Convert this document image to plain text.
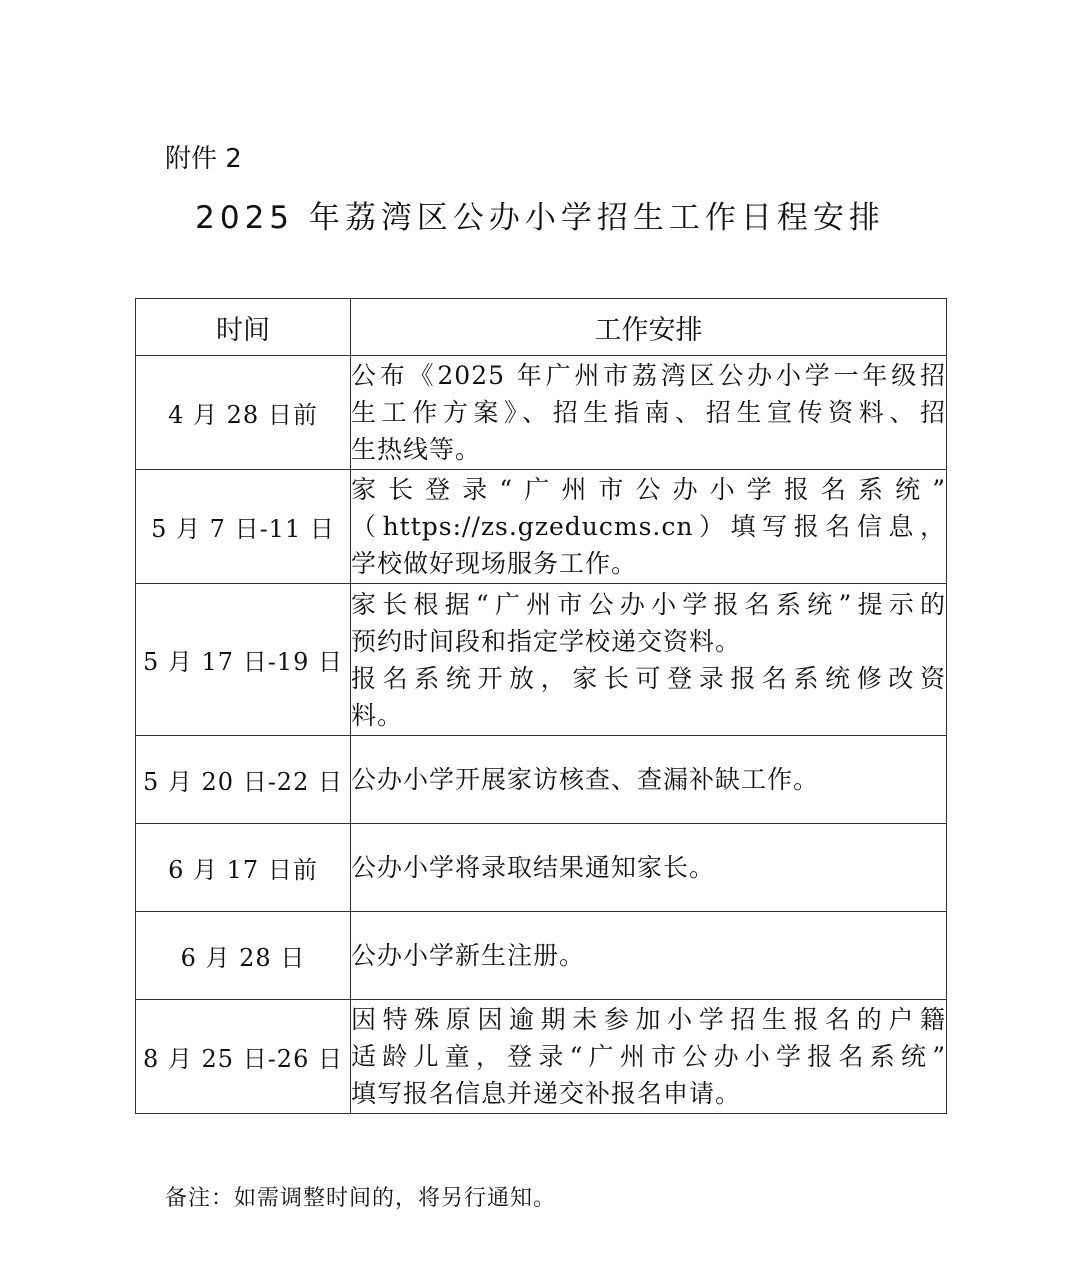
附件 2
2025 年荔湾区公办小学招生工作日程安排
时间	工作安排
4 月 28 日前	公布《2025 年广州市荔湾区公办小学一年级招
生工作方案》、招生指南、招生宣传资料、招
生热线等。

5 月 7 日-11 日	家长登录“广州市公办小学报名系统”
（https://zs.gzeducms.cn）填写报名信息，
学校做好现场服务工作。

5 月 17 日-19 日	家长根据“广州市公办小学报名系统”提示的
预约时间段和指定学校递交资料。
报名系统开放，家长可登录报名系统修改资
料。

5 月 20 日-22 日	公办小学开展家访核查、查漏补缺工作。

6 月 17 日前	公办小学将录取结果通知家长。

6 月 28 日	公办小学新生注册。

8 月 25 日-26 日	因特殊原因逾期未参加小学招生报名的户籍
适龄儿童，登录“广州市公办小学报名系统”
填写报名信息并递交补报名申请。
备注：如需调整时间的，将另行通知。
